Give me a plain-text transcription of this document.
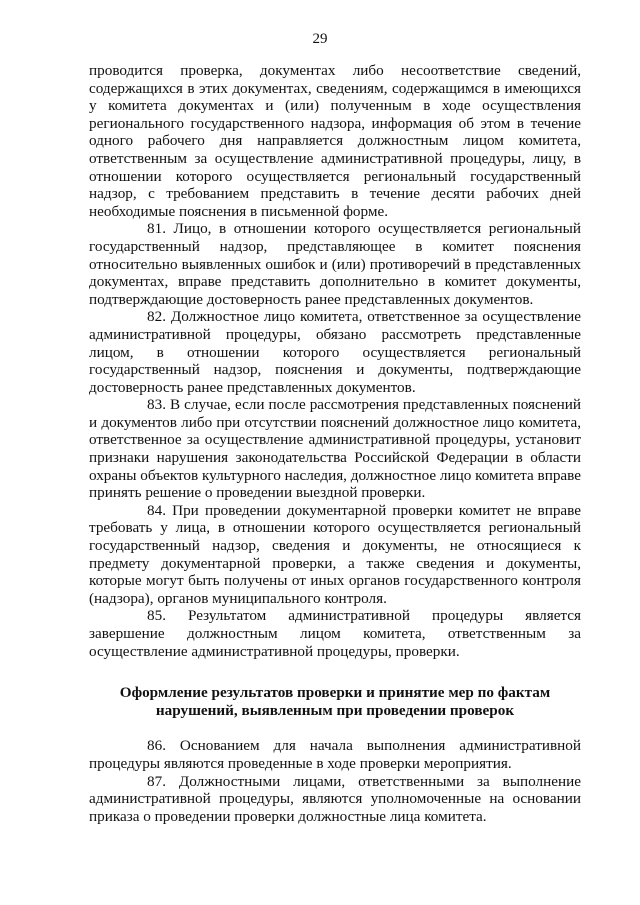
29

проводится проверка, документах либо несоответствие сведений, содержащихся в этих документах, сведениям, содержащимся в имеющихся у комитета документах и (или) полученным в ходе осуществления регионального государственного надзора, информация об этом в течение одного рабочего дня направляется должностным лицом комитета, ответственным за осуществление административной процедуры, лицу, в отношении которого осуществляется региональный государственный надзор, с требованием представить в течение десяти рабочих дней необходимые пояснения в письменной форме.

81. Лицо, в отношении которого осуществляется региональный государственный надзор, представляющее в комитет пояснения относительно выявленных ошибок и (или) противоречий в представленных документах, вправе представить дополнительно в комитет документы, подтверждающие достоверность ранее представленных документов.

82. Должностное лицо комитета, ответственное за осуществление административной процедуры, обязано рассмотреть представленные лицом, в отношении которого осуществляется региональный государственный надзор, пояснения и документы, подтверждающие достоверность ранее представленных документов.

83. В случае, если после рассмотрения представленных пояснений и документов либо при отсутствии пояснений должностное лицо комитета, ответственное за осуществление административной процедуры, установит признаки нарушения законодательства Российской Федерации в области охраны объектов культурного наследия, должностное лицо комитета вправе принять решение о проведении выездной проверки.

84. При проведении документарной проверки комитет не вправе требовать у лица, в отношении которого осуществляется региональный государственный надзор, сведения и документы, не относящиеся к предмету документарной проверки, а также сведения и документы, которые могут быть получены от иных органов государственного контроля (надзора), органов муниципального контроля.

85. Результатом административной процедуры является завершение должностным лицом комитета, ответственным за осуществление административной процедуры, проверки.

Оформление результатов проверки и принятие мер по фактам
нарушений, выявленным при проведении проверок

86. Основанием для начала выполнения административной процедуры являются проведенные в ходе проверки мероприятия.

87. Должностными лицами, ответственными за выполнение административной процедуры, являются уполномоченные на основании приказа о проведении проверки должностные лица комитета.
